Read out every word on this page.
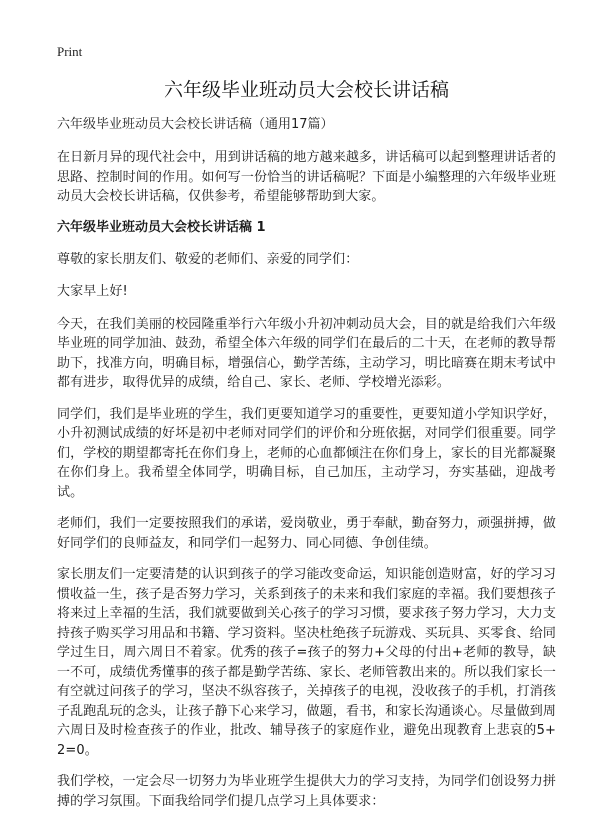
Print
六年级毕业班动员大会校长讲话稿
六年级毕业班动员大会校长讲话稿（通用17篇）

在日新月异的现代社会中，用到讲话稿的地方越来越多，讲话稿可以起到整理讲话者的思路、控制时间的作用。如何写一份恰当的讲话稿呢？下面是小编整理的六年级毕业班动员大会校长讲话稿，仅供参考，希望能够帮助到大家。

六年级毕业班动员大会校长讲话稿 1

尊敬的家长朋友们、敬爱的老师们、亲爱的同学们：

大家早上好!

今天，在我们美丽的校园隆重举行六年级小升初冲刺动员大会，目的就是给我们六年级毕业班的同学加油、鼓劲，希望全体六年级的同学们在最后的二十天，在老师的教导帮助下，找准方向，明确目标，增强信心，勤学苦练，主动学习，明比暗赛在期末考试中都有进步，取得优异的成绩，给自己、家长、老师、学校增光添彩。

同学们，我们是毕业班的学生，我们更要知道学习的重要性，更要知道小学知识学好，小升初测试成绩的好坏是初中老师对同学们的评价和分班依据，对同学们很重要。同学们，学校的期望都寄托在你们身上，老师的心血都倾注在你们身上，家长的目光都凝聚在你们身上。我希望全体同学，明确目标，自己加压，主动学习，夯实基础，迎战考试。

老师们，我们一定要按照我们的承诺，爱岗敬业，勇于奉献，勤奋努力，顽强拼搏，做好同学们的良师益友，和同学们一起努力、同心同德、争创佳绩。

家长朋友们一定要清楚的认识到孩子的学习能改变命运，知识能创造财富，好的学习习惯收益一生，孩子是否努力学习，关系到孩子的未来和我们家庭的幸福。我们要想孩子将来过上幸福的生活，我们就要做到关心孩子的学习习惯，要求孩子努力学习，大力支持孩子购买学习用品和书籍、学习资料。坚决杜绝孩子玩游戏、买玩具、买零食、给同学过生日，周六周日不着家。优秀的孩子=孩子的努力+父母的付出+老师的教导，缺一不可，成绩优秀懂事的孩子都是勤学苦练、家长、老师管教出来的。所以我们家长一有空就过问孩子的学习，坚决不纵容孩子，关掉孩子的电视，没收孩子的手机，打消孩子乱跑乱玩的念头，让孩子静下心来学习，做题，看书，和家长沟通谈心。尽量做到周六周日及时检查孩子的作业，批改、辅导孩子的家庭作业，避免出现教育上悲哀的5+2=0。

我们学校，一定会尽一切努力为毕业班学生提供大力的学习支持，为同学们创设努力拼搏的学习氛围。下面我给同学们提几点学习上具体要求：
